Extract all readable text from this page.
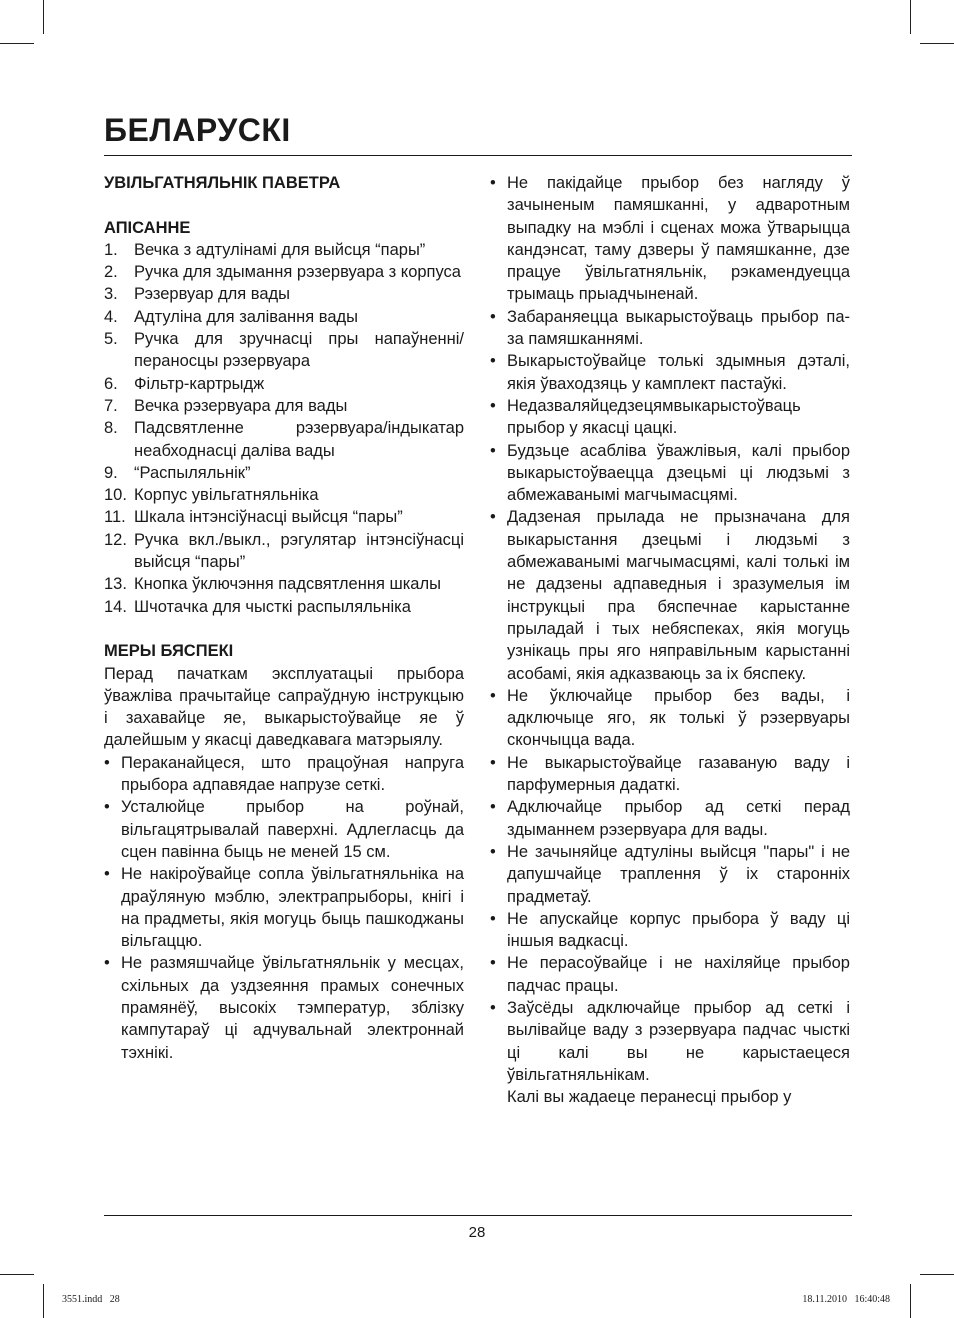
БЕЛАРУСКІ

УВІЛЬГАТНЯЛЬНІК ПАВЕТРА

АПІСАННЕ

1. Вечка з адтулінамі для выйсця “пары”
2. Ручка для здымання рэзервуара з корпуса
3. Рэзервуар для вады
4. Адтуліна для залівання вады
5. Ручка для зручнасці пры напаўненні/пераносцы рэзервуара
6. Фільтр-картрыдж
7. Вечка рэзервуара для вады
8. Падсвятленне рэзервуара/індыкатар неабходнасці даліва вады
9. “Распыляльнік”
10. Корпус увільгатняльніка
11. Шкала інтэнсіўнасці выйсця “пары”
12. Ручка вкл./выкл., рэгулятар інтэнсіўнасці выйсця “пары”
13. Кнопка ўключэння падсвятлення шкалы
14. Шчотачка для чысткі распыляльніка

МЕРЫ БЯСПЕКІ

Перад пачаткам эксплуатацыі прыбора ўважліва прачытайце сапраўдную інструкцыю і захавайце яе, выкарыстоўвайце яе ў далейшым у якасці даведкавага матэрыялу.

• Пераканайцеся, што працоўная напруга прыбора адпавядае напрузе сеткі.
• Усталюйце прыбор на роўнай, вільгацятрывалай паверхні. Адлегласць да сцен павінна быць не меней 15 см.
• Не накіроўвайце сопла ўвільгатняльніка на драўляную мэблю, электрапрыборы, кнігі і на прадметы, якія могуць быць пашкоджаны вільгаццю.
• Не размяшчайце ўвільгатняльнік у месцах, схільных да уздзеяння прамых сонечных прамянёў, высокіх тэмператур, зблізку кампутараў ці адчувальнай электроннай тэхнікі.
• Не пакідайце прыбор без нагляду ў зачыненым памяшканні, у адваротным выпадку на мэблі і сценах можа ўтварыцца кандэнсат, таму дзверы ў памяшканне, дзе працуе ўвільгатняльнік, рэкамендуецца трымаць прыадчыненай.
• Забараняецца выкарыстоўваць прыбор па-за памяшканнямі.
• Выкарыстоўвайце толькі здымныя дэталі, якія ўваходзяць у камплект пастаўкі.
• Недазваляйцедзецямвыкарыстоўваць прыбор у якасці цацкі.
• Будзьце асабліва ўважлівыя, калі прыбор выкарыстоўваецца дзецьмі ці людзьмі з абмежаванымі магчымасцямі.
• Дадзеная прылада не прызначана для выкарыстання дзецьмі і людзьмі з абмежаванымі магчымасцямі, калі толькі ім не дадзены адпаведныя і зразумелыя ім інструкцыі пра бяспечнае карыстанне прыладай і тых небяспеках, якія могуць узнікаць пры яго няправільным карыстанні асобамі, якія адказваюць за іх бяспеку.
• Не ўключайце прыбор без вады, і адключыце яго, як толькі ў рэзервуары скончыцца вада.
• Не выкарыстоўвайце газаваную ваду і парфумерныя дадаткі.
• Адключайце прыбор ад сеткі перад здыманнем рэзервуара для вады.
• Не зачыняйце адтуліны выйсця "пары" і не дапушчайце траплення ў іх староннiх прадметаў.
• Не апускайце корпус прыбора ў ваду ці іншыя вадкасці.
• Не перасоўвайце і не нахіляйце прыбор падчас працы.
• Заўсёды адключайце прыбор ад сеткі і вылівайце ваду з рэзервуара падчас чысткі ці калі вы не карыстаецеся ўвільгатняльнікам.
Калі вы жадаеце перанесці прыбор у
28
3551.indd   28	18.11.2010   16:40:48
